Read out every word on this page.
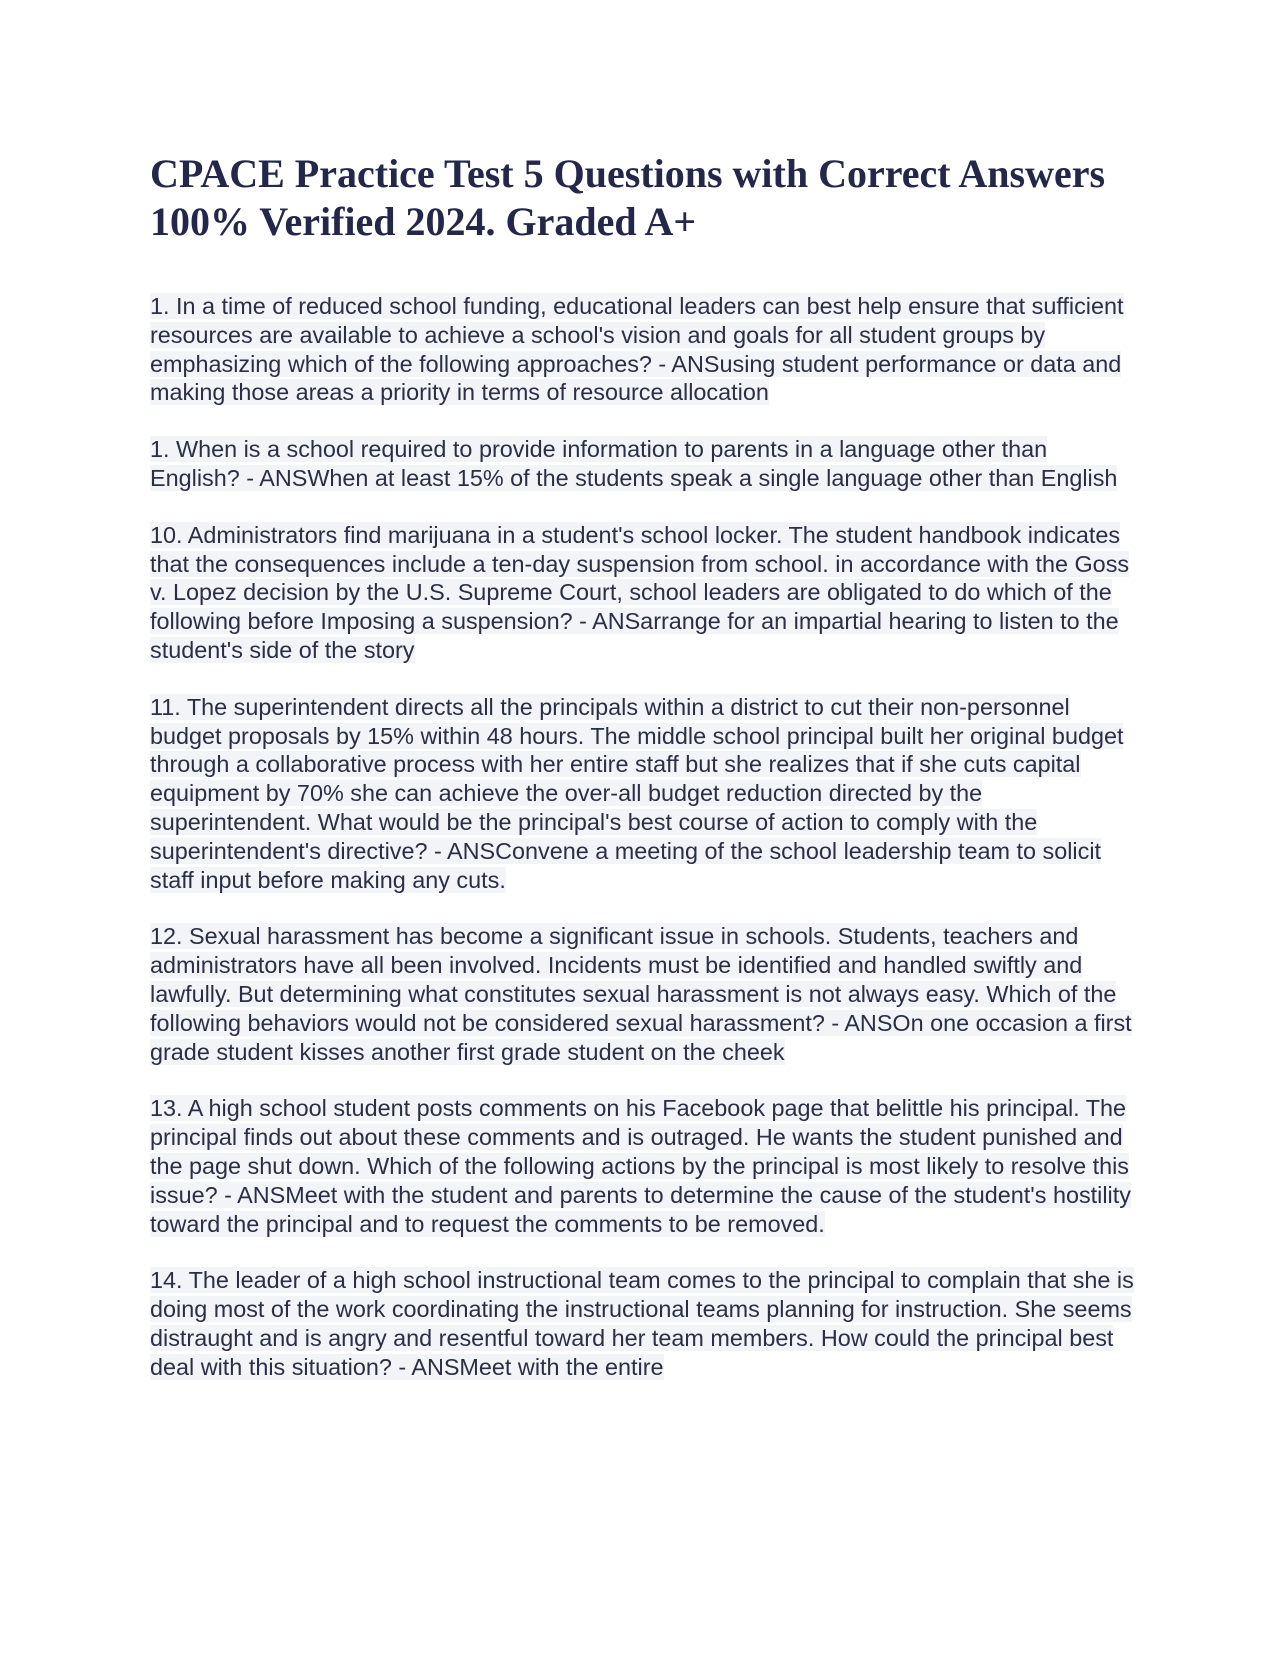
CPACE Practice Test 5 Questions with Correct Answers 100% Verified 2024. Graded A+

1. In a time of reduced school funding, educational leaders can best help ensure that sufficient resources are available to achieve a school's vision and goals for all student groups by emphasizing which of the following approaches? - ANSusing student performance or data and making those areas a priority in terms of resource allocation

1. When is a school required to provide information to parents in a language other than English? - ANSWhen at least 15% of the students speak a single language other than English

10. Administrators find marijuana in a student's school locker. The student handbook indicates that the consequences include a ten-day suspension from school. in accordance with the Goss v. Lopez decision by the U.S. Supreme Court, school leaders are obligated to do which of the following before Imposing a suspension? - ANSarrange for an impartial hearing to listen to the student's side of the story

11. The superintendent directs all the principals within a district to cut their non-personnel budget proposals by 15% within 48 hours. The middle school principal built her original budget through a collaborative process with her entire staff but she realizes that if she cuts capital equipment by 70% she can achieve the over-all budget reduction directed by the superintendent. What would be the principal's best course of action to comply with the superintendent's directive? - ANSConvene a meeting of the school leadership team to solicit staff input before making any cuts.

12. Sexual harassment has become a significant issue in schools. Students, teachers and administrators have all been involved. Incidents must be identified and handled swiftly and lawfully. But determining what constitutes sexual harassment is not always easy. Which of the following behaviors would not be considered sexual harassment? - ANSOn one occasion a first grade student kisses another first grade student on the cheek

13. A high school student posts comments on his Facebook page that belittle his principal. The principal finds out about these comments and is outraged. He wants the student punished and the page shut down. Which of the following actions by the principal is most likely to resolve this issue? - ANSMeet with the student and parents to determine the cause of the student's hostility toward the principal and to request the comments to be removed.

14. The leader of a high school instructional team comes to the principal to complain that she is doing most of the work coordinating the instructional teams planning for instruction. She seems distraught and is angry and resentful toward her team members. How could the principal best deal with this situation? - ANSMeet with the entire
